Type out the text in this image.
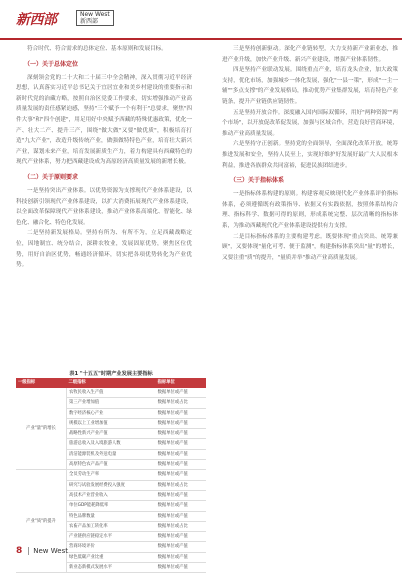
新西部	New West
新西部

符合时代、符合需求的总体定位、基本原则和发展目标。

（一）关于总体定位

深刻领会党的二十大和二十届三中全会精神，深入贯彻习近平经济思想，认真落实习近平总书记关于宜居宜业和美乡村建设的重要指示和新时代党的治藏方略，按照自治区党委工作要求，切实增强推动产业高质量发展的责任感紧迫感，坚持"三个赋予一个有利于"总要求，聚焦"四件大事"和"四个创建"，用足用好中央赋予西藏的特殊优惠政策，优化一产、壮大二产、提升三产，围绕"做大做"又要"做优质"，积极培育打造"九大产业"，改造升级传统产业，做强做特特色产业，培育壮大新兴产业，谋划未来产业，培育发展新质生产力，着力构建具有西藏特色的现代产业体系，努力把西藏建设成为高原经济高质量发展的新增长极。

（二）关于原则要求

一是坚持突出产业体系。以优势资源为支撑现代产业体系建设，以科技创新引领现代产业体系建设，以扩大消费拓展现代产业体系建设，以全面改革保障现代产业体系建设，推动产业体系高端化、智能化、绿色化、融合化、特色化发展。

二是坚持新发展格局。坚持有所为、有所不为，立足西藏战略定位，因地制宜、统分结合，深耕农牧业，发展固原优势，聚焦区位优势，用好自治区优势，畅通经济循环，切实把各项优势转化为产业优势。

三是坚持创新驱动。深化产业链转型，大力支持新产业新业态，推进产业升级，加快产业升级、新兴产业建设，增强产业体系韧性。

四是坚持产业联动发展。围绕重点产业，培育龙头企业，加大政策支持，优化市场，加强城乡一体化发展，强化"一县一策"，形成"一主一辅""多点支撑"的产业发展格局，推动优势产业集群发展，培育特色产业链条，提升产业链供应链韧性。

五是坚持开放合作。深度融入国内国际双循环，用好"两种资源""两个市场"，以开放促改革促发展，加强与区域合作，营造良好营商环境，推动产业高质量发展。

六是坚持守正创新。坚持党的全面领导，全面深化改革开放，统筹推进发展和安全，坚持人民至上，实现好维护好发展好最广大人民根本利益，推进各族群众共同富裕，促进民族团结进步。

（三）关于指标体系

一是指标体系构建的原则。构建客观反映现代化产业体系评价指标体系，必须遵循既有政策指导、依据又有实践依据，按照体系结构合理、指标科学、数据可得的原则，形成系统完整、层次清晰的指标体系，为推动西藏现代化产业体系建设提供有力支撑。

二是目标指标体系的主要构建考虑。既要体现"重点突出、统筹兼顾"，又要体现"量化可考、便于监测"，构建指标体系突出"量"的增长，又要注重"质"的提升，"量质并举"推动产业高质量发展。

表1 "十五五"时期产业发展主要指标
一级指标	二级指标	指标单位
产业"量"的增长	农牧民收入生产值	数据单位或产值
	第三产业增加值	数据单位或占比
	数字经济核心产业	数据单位或产值
	规模以上工业增加值	数据单位或产值
	战略性新兴产业产值	数据单位或产值
	旅游总收入及入境旅游人数	数据单位或产值
	清洁能源装机及外送电量	数据单位或产值
	高原特色农产品产值	数据单位或产值
产业"质"的提升	全员劳动生产率	数据单位或产值
	研究与试验发展经费投入强度	数据单位或占比
	高技术产业营业收入	数据单位或产值
	单位GDP能耗降低率	数据单位或产值
	特色品牌数量	数据单位或产值
	农畜产品加工转化率	数据单位或占比
	产业链供应链稳定水平	数据单位或产值
	营商环境评价	数据单位或产值
	绿色低碳产业比重	数据单位或产值
	新业态新模式发展水平	数据单位或产值
8 New West
